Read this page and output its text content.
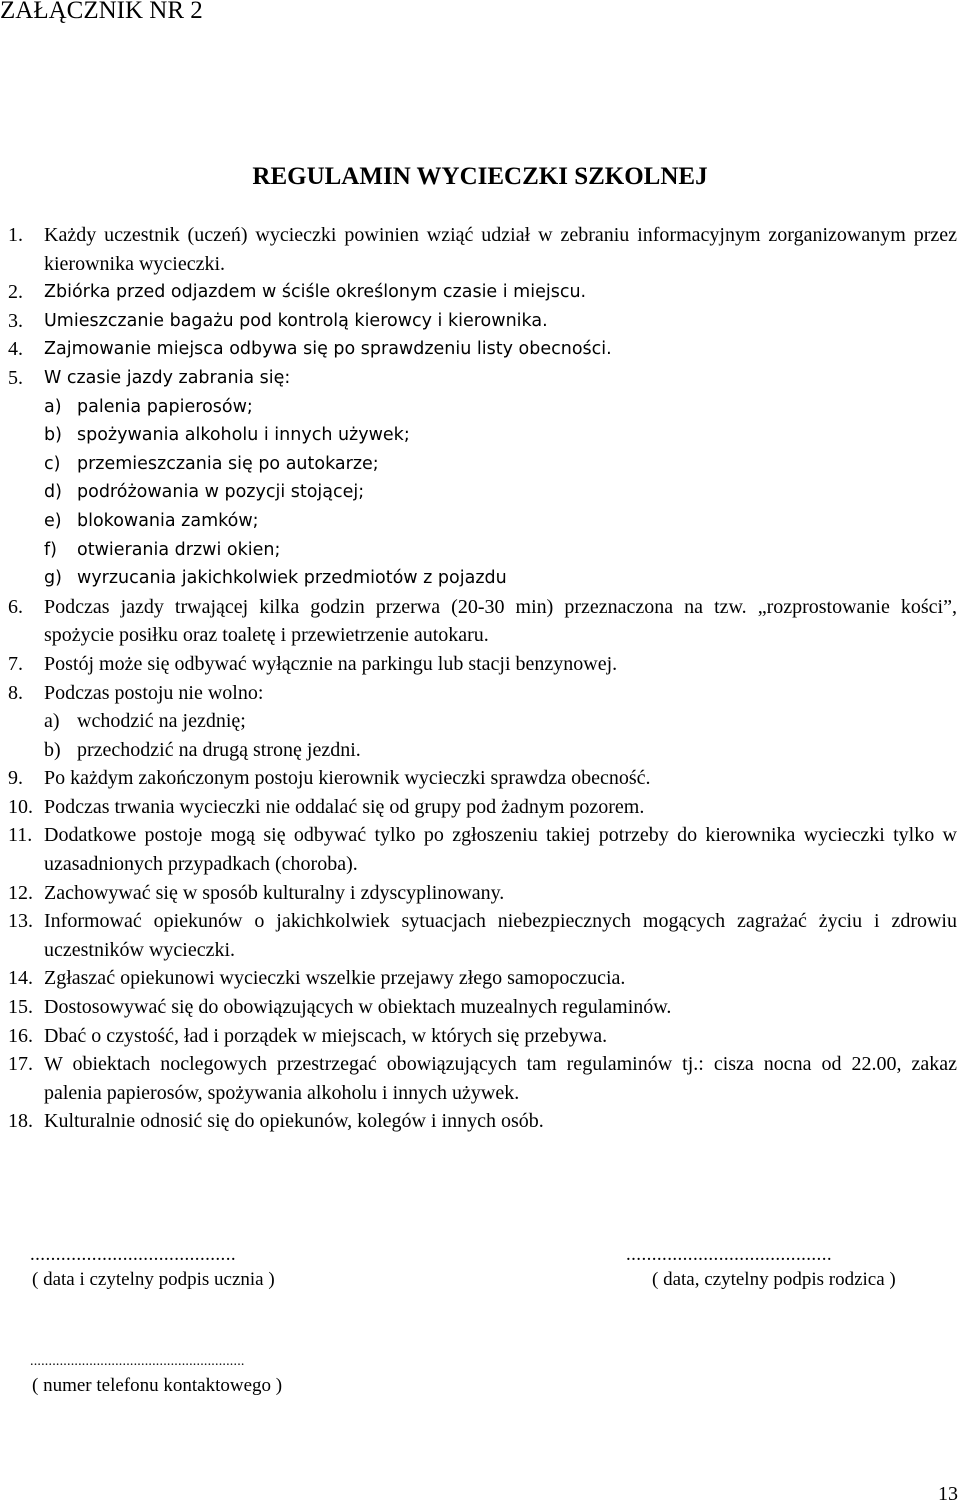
ZAŁĄCZNIK NR 2
REGULAMIN WYCIECZKI SZKOLNEJ
1. Każdy uczestnik (uczeń) wycieczki powinien wziąć udział w zebraniu informacyjnym zorganizowanym przez kierownika wycieczki.
2. Zbiórka przed odjazdem w ściśle określonym czasie i miejscu.
3. Umieszczanie bagażu pod kontrolą kierowcy i kierownika.
4. Zajmowanie miejsca odbywa się po sprawdzeniu listy obecności.
5. W czasie jazdy zabrania się:
a) palenia papierosów;
b) spożywania alkoholu i innych używek;
c) przemieszczania się po autokarze;
d) podróżowania w pozycji stojącej;
e) blokowania zamków;
f) otwierania drzwi okien;
g) wyrzucania jakichkolwiek przedmiotów z pojazdu
6. Podczas jazdy trwającej kilka godzin przerwa (20-30 min) przeznaczona na tzw. „rozprostowanie kości”, spożycie posiłku oraz toaletę i przewietrzenie autokaru.
7. Postój może się odbywać wyłącznie na parkingu lub stacji benzynowej.
8. Podczas postoju nie wolno:
a) wchodzić na jezdnię;
b) przechodzić na drugą stronę jezdni.
9. Po każdym zakończonym postoju kierownik wycieczki sprawdza obecność.
10. Podczas trwania wycieczki nie oddalać się od grupy pod żadnym pozorem.
11. Dodatkowe postoje mogą się odbywać tylko po zgłoszeniu takiej potrzeby do kierownika wycieczki tylko w uzasadnionych przypadkach (choroba).
12. Zachowywać się w sposób kulturalny i zdyscyplinowany.
13. Informować opiekunów o jakichkolwiek sytuacjach niebezpiecznych mogących zagrażać życiu i zdrowiu uczestników wycieczki.
14. Zgłaszać opiekunowi wycieczki wszelkie przejawy złego samopoczucia.
15. Dostosowywać się do obowiązujących w obiektach muzealnych regulaminów.
16. Dbać o czystość, ład i porządek w miejscach, w których się przebywa.
17. W obiektach noclegowych przestrzegać obowiązujących tam regulaminów tj.: cisza nocna od 22.00, zakaz palenia papierosów, spożywania alkoholu i innych używek.
18. Kulturalnie odnosić się do opiekunów, kolegów i innych osób.
........................................
( data i czytelny podpis ucznia )
........................................
( data, czytelny podpis rodzica )
..........................................................
( numer telefonu kontaktowego )
13
